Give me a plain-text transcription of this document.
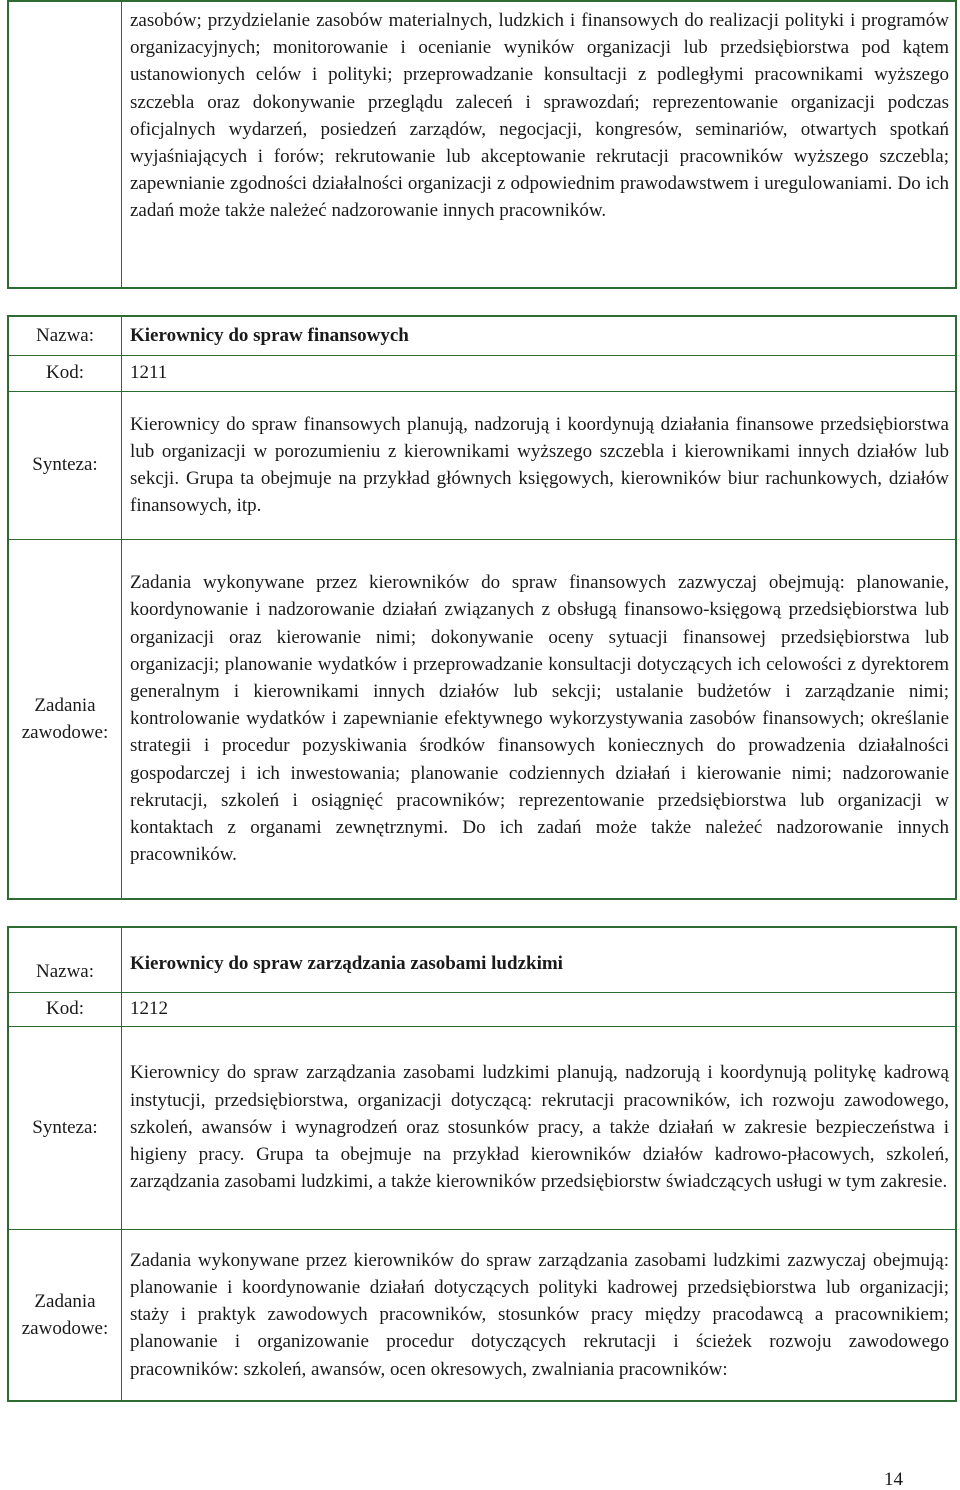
	zasobów; przydzielanie zasobów materialnych, ludzkich i finansowych do realizacji polityki i programów organizacyjnych; monitorowanie i ocenianie wyników organizacji lub przedsiębiorstwa pod kątem ustanowionych celów i polityki; przeprowadzanie konsultacji z podległymi pracownikami wyższego szczebla oraz dokonywanie przeglądu zaleceń i sprawozdań; reprezentowanie organizacji podczas oficjalnych wydarzeń, posiedzeń zarządów, negocjacji, kongresów, seminariów, otwartych spotkań wyjaśniających i forów; rekrutowanie lub akceptowanie rekrutacji pracowników wyższego szczebla; zapewnianie zgodności działalności organizacji z odpowiednim prawodawstwem i uregulowaniami. Do ich zadań może także należeć nadzorowanie innych pracowników.
Nazwa:	Kierownicy do spraw finansowych
Kod:	1211
Synteza:	Kierownicy do spraw finansowych planują, nadzorują i koordynują działania finansowe przedsiębiorstwa lub organizacji w porozumieniu z kierownikami wyższego szczebla i kierownikami innych działów lub sekcji. Grupa ta obejmuje na przykład głównych księgowych, kierowników biur rachunkowych, działów finansowych, itp.
Zadania
zawodowe:	Zadania wykonywane przez kierowników do spraw finansowych zazwyczaj obejmują: planowanie, koordynowanie i nadzorowanie działań związanych z obsługą finansowo-księgową przedsiębiorstwa lub organizacji oraz kierowanie nimi; dokonywanie oceny sytuacji finansowej przedsiębiorstwa lub organizacji; planowanie wydatków i przeprowadzanie konsultacji dotyczących ich celowości z dyrektorem generalnym i kierownikami innych działów lub sekcji; ustalanie budżetów i zarządzanie nimi; kontrolowanie wydatków i zapewnianie efektywnego wykorzystywania zasobów finansowych; określanie strategii i procedur pozyskiwania środków finansowych koniecznych do prowadzenia działalności gospodarczej i ich inwestowania; planowanie codziennych działań i kierowanie nimi; nadzorowanie rekrutacji, szkoleń i osiągnięć pracowników; reprezentowanie przedsiębiorstwa lub organizacji w kontaktach z organami zewnętrznymi. Do ich zadań może także należeć nadzorowanie innych pracowników.
Nazwa:	Kierownicy do spraw zarządzania zasobami ludzkimi
Kod:	1212
Synteza:	Kierownicy do spraw zarządzania zasobami ludzkimi planują, nadzorują i koordynują politykę kadrową instytucji, przedsiębiorstwa, organizacji dotyczącą: rekrutacji pracowników, ich rozwoju zawodowego, szkoleń, awansów i wynagrodzeń oraz stosunków pracy, a także działań w zakresie bezpieczeństwa i higieny pracy. Grupa ta obejmuje na przykład kierowników działów kadrowo-płacowych, szkoleń, zarządzania zasobami ludzkimi, a także kierowników przedsiębiorstw świadczących usługi w tym zakresie.
Zadania
zawodowe:	Zadania wykonywane przez kierowników do spraw zarządzania zasobami ludzkimi zazwyczaj obejmują: planowanie i koordynowanie działań dotyczących polityki kadrowej przedsiębiorstwa lub organizacji; staży i praktyk zawodowych pracowników, stosunków pracy między pracodawcą a pracownikiem; planowanie i organizowanie procedur dotyczących rekrutacji i ścieżek rozwoju zawodowego pracowników: szkoleń, awansów, ocen okresowych, zwalniania pracowników:
14
